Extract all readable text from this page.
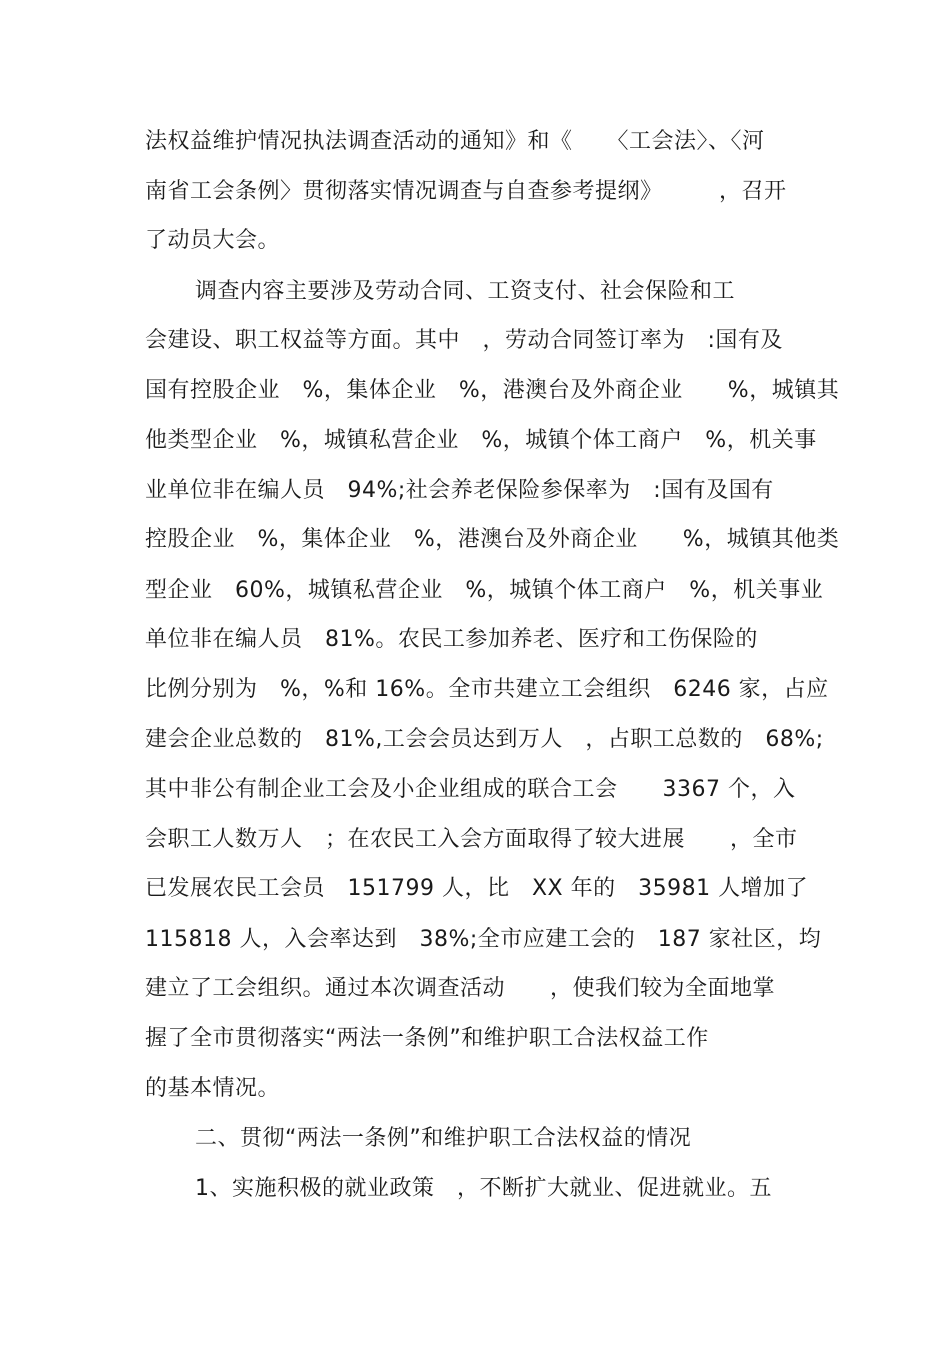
法权益维护情况执法调查活动的通知》和《　　〈工会法〉、〈河

南省工会条例〉贯彻落实情况调查与自查参考提纲》　　　，召开

了动员大会。

调查内容主要涉及劳动合同、工资支付、社会保险和工

会建设、职工权益等方面。其中　，劳动合同签订率为　:国有及

国有控股企业　%，集体企业　%，港澳台及外商企业　　%，城镇其

他类型企业　%，城镇私营企业　%，城镇个体工商户　%，机关事

业单位非在编人员　94%;社会养老保险参保率为　:国有及国有

控股企业　%，集体企业　%，港澳台及外商企业　　%，城镇其他类

型企业　60%，城镇私营企业　%，城镇个体工商户　%，机关事业

单位非在编人员　81%。农民工参加养老、医疗和工伤保险的

比例分别为　%，%和 16%。全市共建立工会组织　6246 家，占应

建会企业总数的　81%,工会会员达到万人　，占职工总数的　68%;

其中非公有制企业工会及小企业组成的联合工会　　3367 个，入

会职工人数万人　；在农民工入会方面取得了较大进展　　，全市

已发展农民工会员　151799 人，比　XX 年的　35981 人增加了

115818 人，入会率达到　38%;全市应建工会的　187 家社区，均

建立了工会组织。通过本次调查活动　　，使我们较为全面地掌

握了全市贯彻落实“两法一条例”和维护职工合法权益工作

的基本情况。

二、贯彻“两法一条例”和维护职工合法权益的情况

1、实施积极的就业政策　，不断扩大就业、促进就业。五
